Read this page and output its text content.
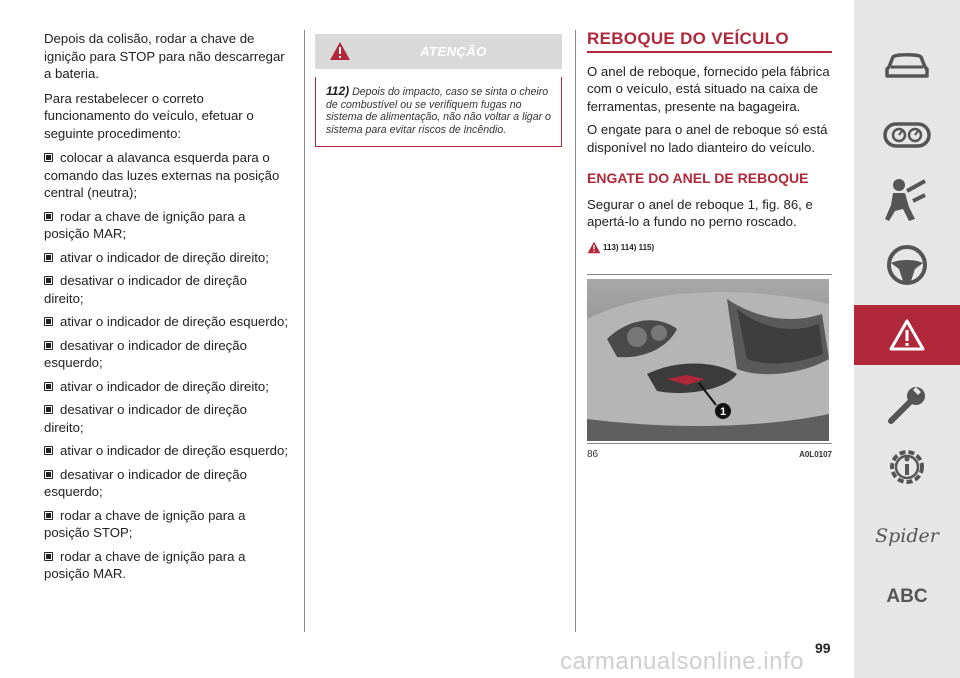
Depois da colisão, rodar a chave de ignição para STOP para não descarregar a bateria.

Para restabelecer o correto funcionamento do veículo, efetuar o seguinte procedimento:

colocar a alavanca esquerda para o comando das luzes externas na posição central (neutra);
rodar a chave de ignição para a posição MAR;
ativar o indicador de direção direito;
desativar o indicador de direção direito;
ativar o indicador de direção esquerdo;
desativar o indicador de direção esquerdo;
ativar o indicador de direção direito;
desativar o indicador de direção direito;
ativar o indicador de direção esquerdo;
desativar o indicador de direção esquerdo;
rodar a chave de ignição para a posição STOP;
rodar a chave de ignição para a posição MAR.
ATENÇÃO
112) Depois do impacto, caso se sinta o cheiro de combustível ou se verifiquem fugas no sistema de alimentação, não não voltar a ligar o sistema para evitar riscos de incêndio.
REBOQUE DO VEÍCULO

O anel de reboque, fornecido pela fábrica com o veículo, está situado na caixa de ferramentas, presente na bagageira.

O engate para o anel de reboque só está disponível no lado dianteiro do veículo.

ENGATE DO ANEL DE REBOQUE

Segurar o anel de reboque 1, fig. 86, e apertá-lo a fundo no perno roscado.

113) 114) 115)
1
86	A0L0107
Spider
ABC
99
carmanualsonline.info
